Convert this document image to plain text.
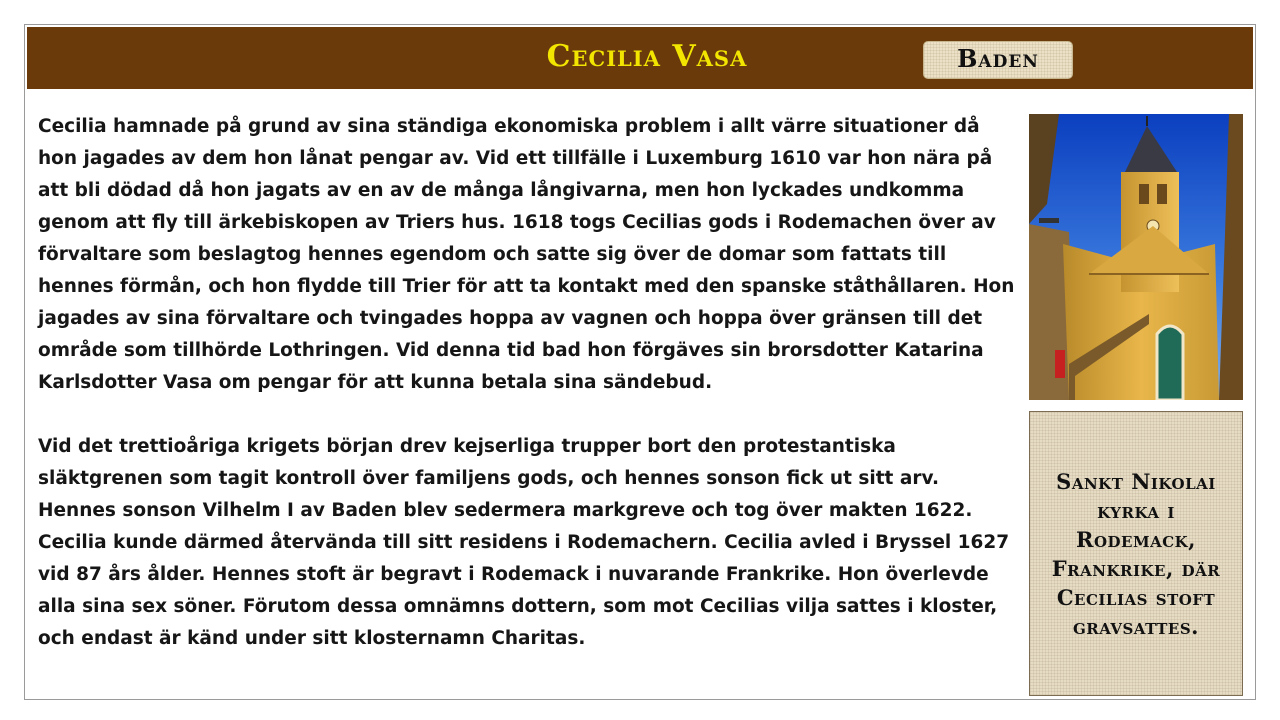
Cecilia Vasa	Baden

Cecilia hamnade på grund av sina ständiga ekonomiska problem i allt värre situationer då hon jagades av dem hon lånat pengar av. Vid ett tillfälle i Luxemburg 1610 var hon nära på att bli dödad då hon jagats av en av de många långivarna, men hon lyckades undkomma genom att fly till ärkebiskopen av Triers hus. 1618 togs Cecilias gods i Rodemachen över av förvaltare som beslagtog hennes egendom och satte sig över de domar som fattats till hennes förmån, och hon flydde till Trier för att ta kontakt med den spanske ståthållaren. Hon jagades av sina förvaltare och tvingades hoppa av vagnen och hoppa över gränsen till det område som tillhörde Lothringen. Vid denna tid bad hon förgäves sin brorsdotter Katarina Karlsdotter Vasa om pengar för att kunna betala sina sändebud.

Vid det trettioåriga krigets början drev kejserliga trupper bort den protestantiska släktgrenen som tagit kontroll över familjens gods, och hennes sonson fick ut sitt arv. Hennes sonson Vilhelm I av Baden blev sedermera markgreve och tog över makten 1622. Cecilia kunde därmed återvända till sitt residens i Rodemachern. Cecilia avled i Bryssel 1627 vid 87 års ålder. Hennes stoft är begravt i Rodemack i nuvarande Frankrike. Hon överlevde alla sina sex söner. Förutom dessa omnämns dottern, som mot Cecilias vilja sattes i kloster, och endast är känd under sitt klosternamn Charitas.

Sankt Nikolai kyrka i Rodemack, Frankrike, där Cecilias stoft gravsattes.
